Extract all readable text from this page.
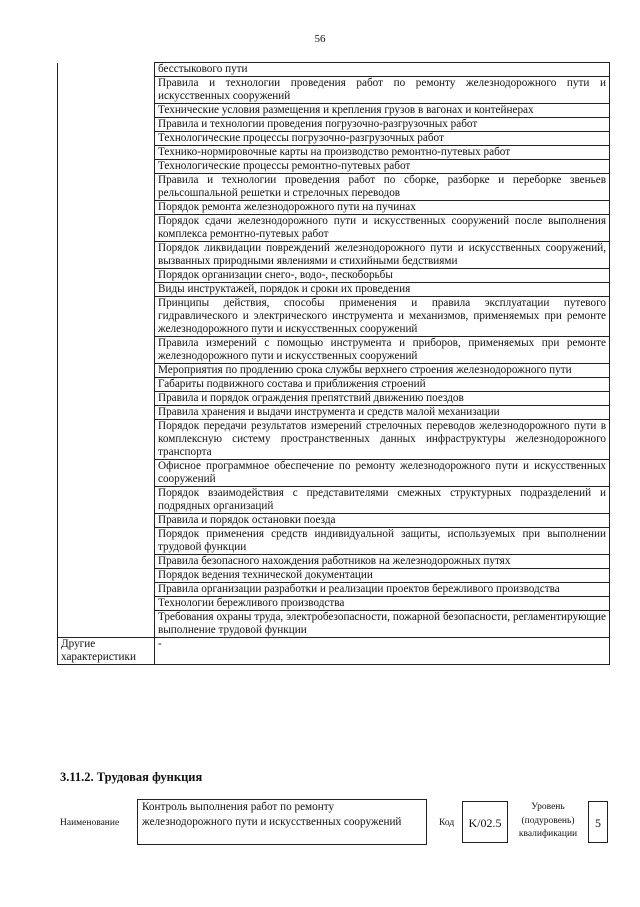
56
	бесстыкового пути
	Правила и технологии проведения работ по ремонту железнодорожного пути и искусственных сооружений
	Технические условия размещения и крепления грузов в вагонах и контейнерах
	Правила и технологии проведения погрузочно-разгрузочных работ
	Технологические процессы погрузочно-разгрузочных работ
	Технико-нормировочные карты на производство ремонтно-путевых работ
	Технологические процессы ремонтно-путевых работ
	Правила и технологии проведения работ по сборке, разборке и переборке звеньев рельсошпальной решетки и стрелочных переводов
	Порядок ремонта железнодорожного пути на пучинах
	Порядок сдачи железнодорожного пути и искусственных сооружений после выполнения комплекса ремонтно-путевых работ
	Порядок ликвидации повреждений железнодорожного пути и искусственных сооружений, вызванных природными явлениями и стихийными бедствиями
	Порядок организации снего-, водо-, пескоборьбы
	Виды инструктажей, порядок и сроки их проведения
	Принципы действия, способы применения и правила эксплуатации путевого гидравлического и электрического инструмента и механизмов, применяемых при ремонте железнодорожного пути и искусственных сооружений
	Правила измерений с помощью инструмента и приборов, применяемых при ремонте железнодорожного пути и искусственных сооружений
	Мероприятия по продлению срока службы верхнего строения железнодорожного пути
	Габариты подвижного состава и приближения строений
	Правила и порядок ограждения препятствий движению поездов
	Правила хранения и выдачи инструмента и средств малой механизации
	Порядок передачи результатов измерений стрелочных переводов железнодорожного пути в комплексную систему пространственных данных инфраструктуры железнодорожного транспорта
	Офисное программное обеспечение по ремонту железнодорожного пути и искусственных сооружений
	Порядок взаимодействия с представителями смежных структурных подразделений и подрядных организаций
	Правила и порядок остановки поезда
	Порядок применения средств индивидуальной защиты, используемых при выполнении трудовой функции
	Правила безопасного нахождения работников на железнодорожных путях
	Порядок ведения технической документации
	Правила организации разработки и реализации проектов бережливого производства
	Технологии бережливого производства
	Требования охраны труда, электробезопасности, пожарной безопасности, регламентирующие выполнение трудовой функции
Другие характеристики	-
3.11.2. Трудовая функция
Наименование
Контроль выполнения работ по ремонту железнодорожного пути и искусственных сооружений	Код	K/02.5
Уровень (подуровень) квалификации
5
